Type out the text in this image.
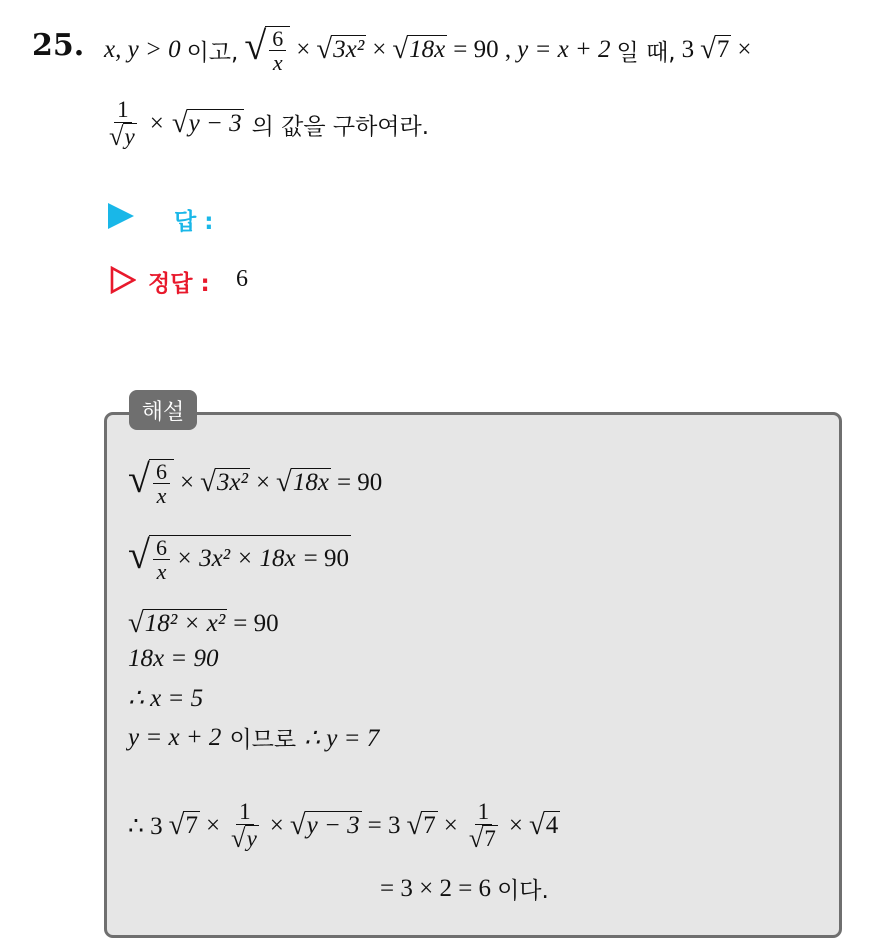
25. x, y > 0 이고, √ $\frac{6}{x}$ × √ 3x² × √ 18x = 90 , y = x + 2 일 때, 3 √ 7 ×
$\frac{1}{√ y}$ × √ y − 3 의 값을 구하여라.
답 :
정답 : 6
해설
√ $\frac{6}{x}$ × √ 3x² × √ 18x = 90
√ $\frac{6}{x} \times 3x^2 \times 18x = 90$
√ 18² × x² = 90
18x = 90
∴ x = 5
y = x + 2 이므로 ∴ y = 7
∴ 3 √ $7 \times \frac{1}{√ y}$ × √ y − 3 = 3 √ $7 \times \frac{1}{√ 7}$ × √ 4
= 3 × 2 = 6 이다.
